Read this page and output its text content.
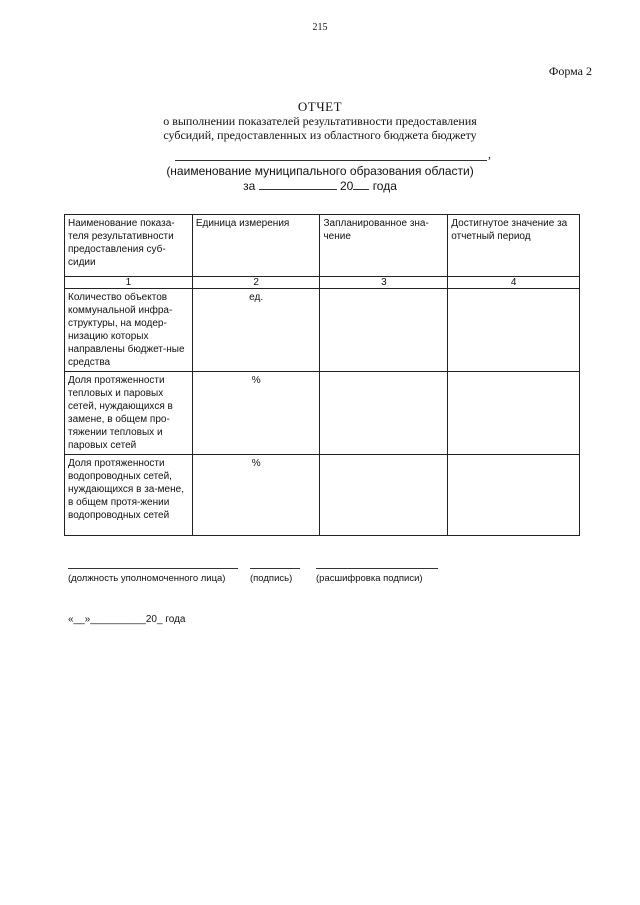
215
Форма 2
ОТЧЕТ
о выполнении показателей результативности предоставления
субсидий, предоставленных из областного бюджета бюджету
,
(наименование муниципального образования области)
за	20 года
Наименование показа-теля результативности предоставления суб-сидии	Единица измерения	Запланированное зна-чение	Достигнутое значение за отчетный период
1	2	3	4
Количество объектов коммунальной инфра-структуры, на модер-низацию которых направлены бюджет-ные средства	ед.		
Доля протяженности тепловых и паровых сетей, нуждающихся в замене, в общем про-тяжении тепловых и паровых сетей	%		
Доля протяженности водопроводных сетей, нуждающихся в за-мене, в общем протя-жении водопроводных сетей	%		
(должность уполномоченного лица)	(подпись)	(расшифровка подписи)
«__»__________20_ года
